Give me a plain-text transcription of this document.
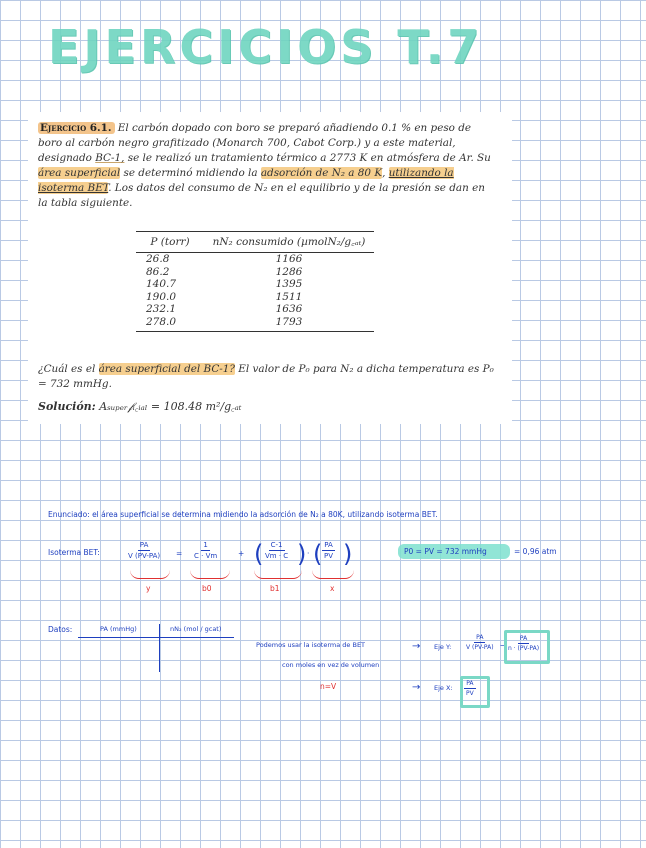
EJERCICIOS T.7
Ejercicio 6.1. El carbón dopado con boro se preparó añadiendo 0.1 % en peso de boro al carbón negro grafitizado (Monarch 700, Cabot Corp.) y a este material, designado BC-1, se le realizó un tratamiento térmico a 2773 K en atmósfera de Ar. Su área superficial se determinó midiendo la adsorción de N₂ a 80 K, utilizando la isoterma BET. Los datos del consumo de N₂ en el equilibrio y de la presión se dan en la tabla siguiente.
P (torr)	nN₂ consumido (µmolN₂/g꜀ₐₜ)
26.8	1166
86.2	1286
140.7	1395
190.0	1511
232.1	1636
278.0	1793
¿Cuál es el área superficial del BC-1? El valor de P₀ para N₂ a dicha temperatura es P₀ = 732 mmHg.
Solución: Aₛᵤₚₑᵣ𝒻ᵢ꜀ᵢₐₗ = 108.48 m²/g꜀ₐₜ
Enunciado: el área superficial se determina midiendo la adsorción de N₂ a 80K, utilizando isoterma BET.
Isoterma BET:	$\frac{PA}{V (PV-PA)} = \frac{1}{C \cdot Vm}$	+ ( $\frac{C-1}{Vm \cdot C}$ ) · ( $\frac{PA}{PV}$ )
y	b0	b1	x
P0 = PV = 732 mmHg	= 0,96 atm
Datos:	PA (mmHg)	nN₂ (mol / gcat)
Podemos usar la isoterma de BET
con moles en vez de volumen
n=V
→ Eje Y: $\frac{PA}{V (PV-PA)} \to \frac{PA}{n \cdot (PV-PA)}$
→ Eje X: $\frac{PA}{PV}$
